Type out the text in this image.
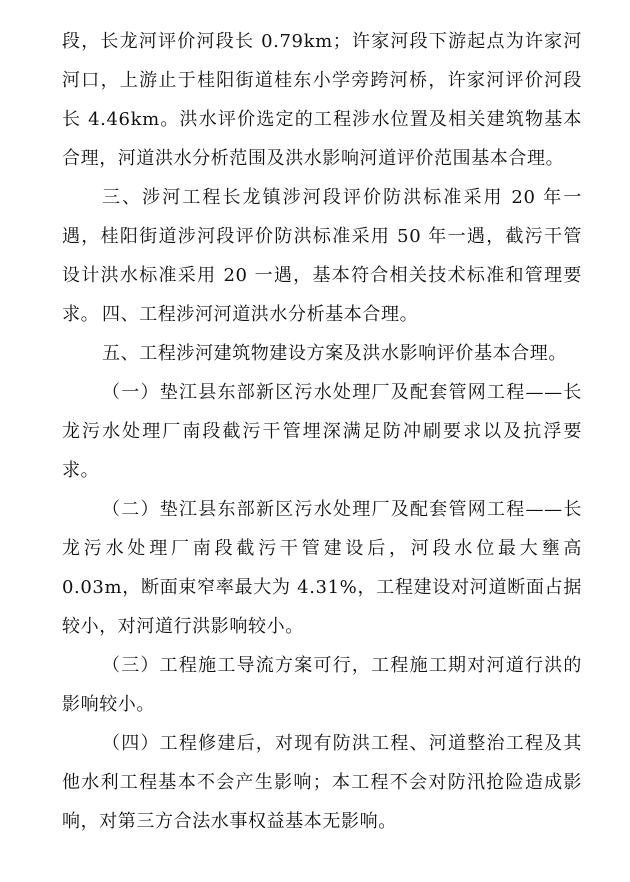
段，长龙河评价河段长 0.79km；许家河段下游起点为许家河河口，上游止于桂阳街道桂东小学旁跨河桥，许家河评价河段长 4.46km。洪水评价选定的工程涉水位置及相关建筑物基本合理，河道洪水分析范围及洪水影响河道评价范围基本合理。

三、涉河工程长龙镇涉河段评价防洪标准采用 20 年一遇，桂阳街道涉河段评价防洪标准采用 50 年一遇，截污干管设计洪水标准采用 20 一遇，基本符合相关技术标准和管理要求。 四、工程涉河河道洪水分析基本合理。

五、工程涉河建筑物建设方案及洪水影响评价基本合理。

（一）垫江县东部新区污水处理厂及配套管网工程——长龙污水处理厂南段截污干管埋深满足防冲刷要求以及抗浮要求。

（二）垫江县东部新区污水处理厂及配套管网工程——长龙污水处理厂南段截污干管建设后，河段水位最大壅高 0.03m，断面束窄率最大为 4.31%，工程建设对河道断面占据较小，对河道行洪影响较小。

（三）工程施工导流方案可行，工程施工期对河道行洪的影响较小。

（四）工程修建后，对现有防洪工程、河道整治工程及其他水利工程基本不会产生影响；本工程不会对防汛抢险造成影响，对第三方合法水事权益基本无影响。
